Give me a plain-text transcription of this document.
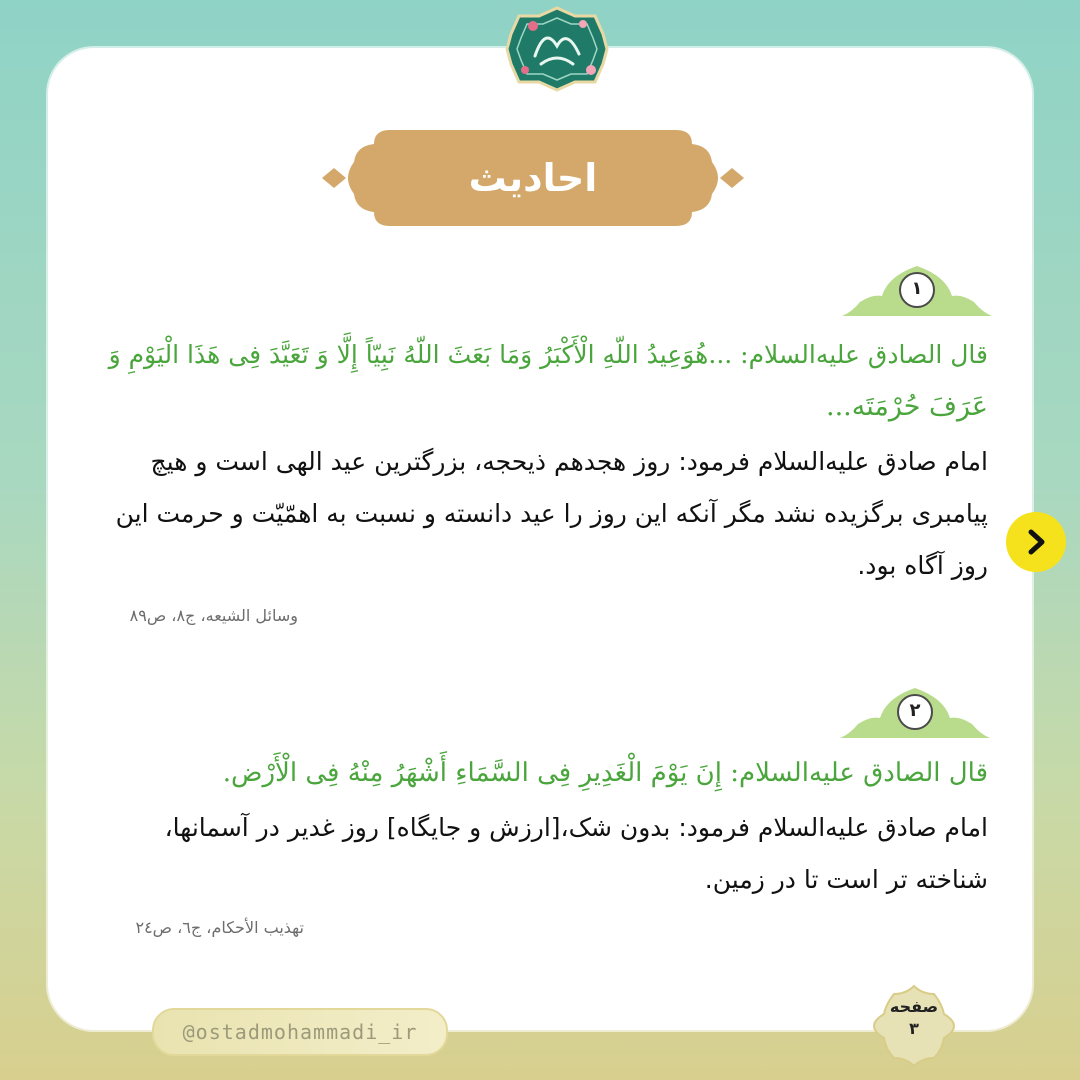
احادیث
۱
قال الصادق علیه‌السلام: ...هُوَعِیدُ اللّهِ الْأَكْبَرُ وَمَا بَعَثَ اللّهُ نَبِیّاً إِلَّا وَ تَعَیَّدَ فِی هَذَا الْیَوْمِ وَ
عَرَفَ حُرْمَتَه...
امام صادق علیه‌السلام فرمود: روز هجدهم ذیحجه، بزرگترین عید الهی است و هیچ پیامبری برگزیده نشد مگر آنکه این روز را عید دانسته و نسبت به اهمّیّت و حرمت این روز آگاه بود.
وسائل الشیعه، ج۸، ص۸۹
۲
قال الصادق علیه‌السلام: إِنَ یَوْمَ الْغَدِیرِ فِی السَّمَاءِ أَشْهَرُ مِنْهُ فِی الْأَرْض.
امام صادق علیه‌السلام فرمود: بدون شک،[ارزش و جایگاه] روز غدیر در آسمانها، شناخته تر است تا در زمین.
تهذیب الأحکام، ج٦، ص٢٤
@ostadmohammadi_ir
صفحه
۳
